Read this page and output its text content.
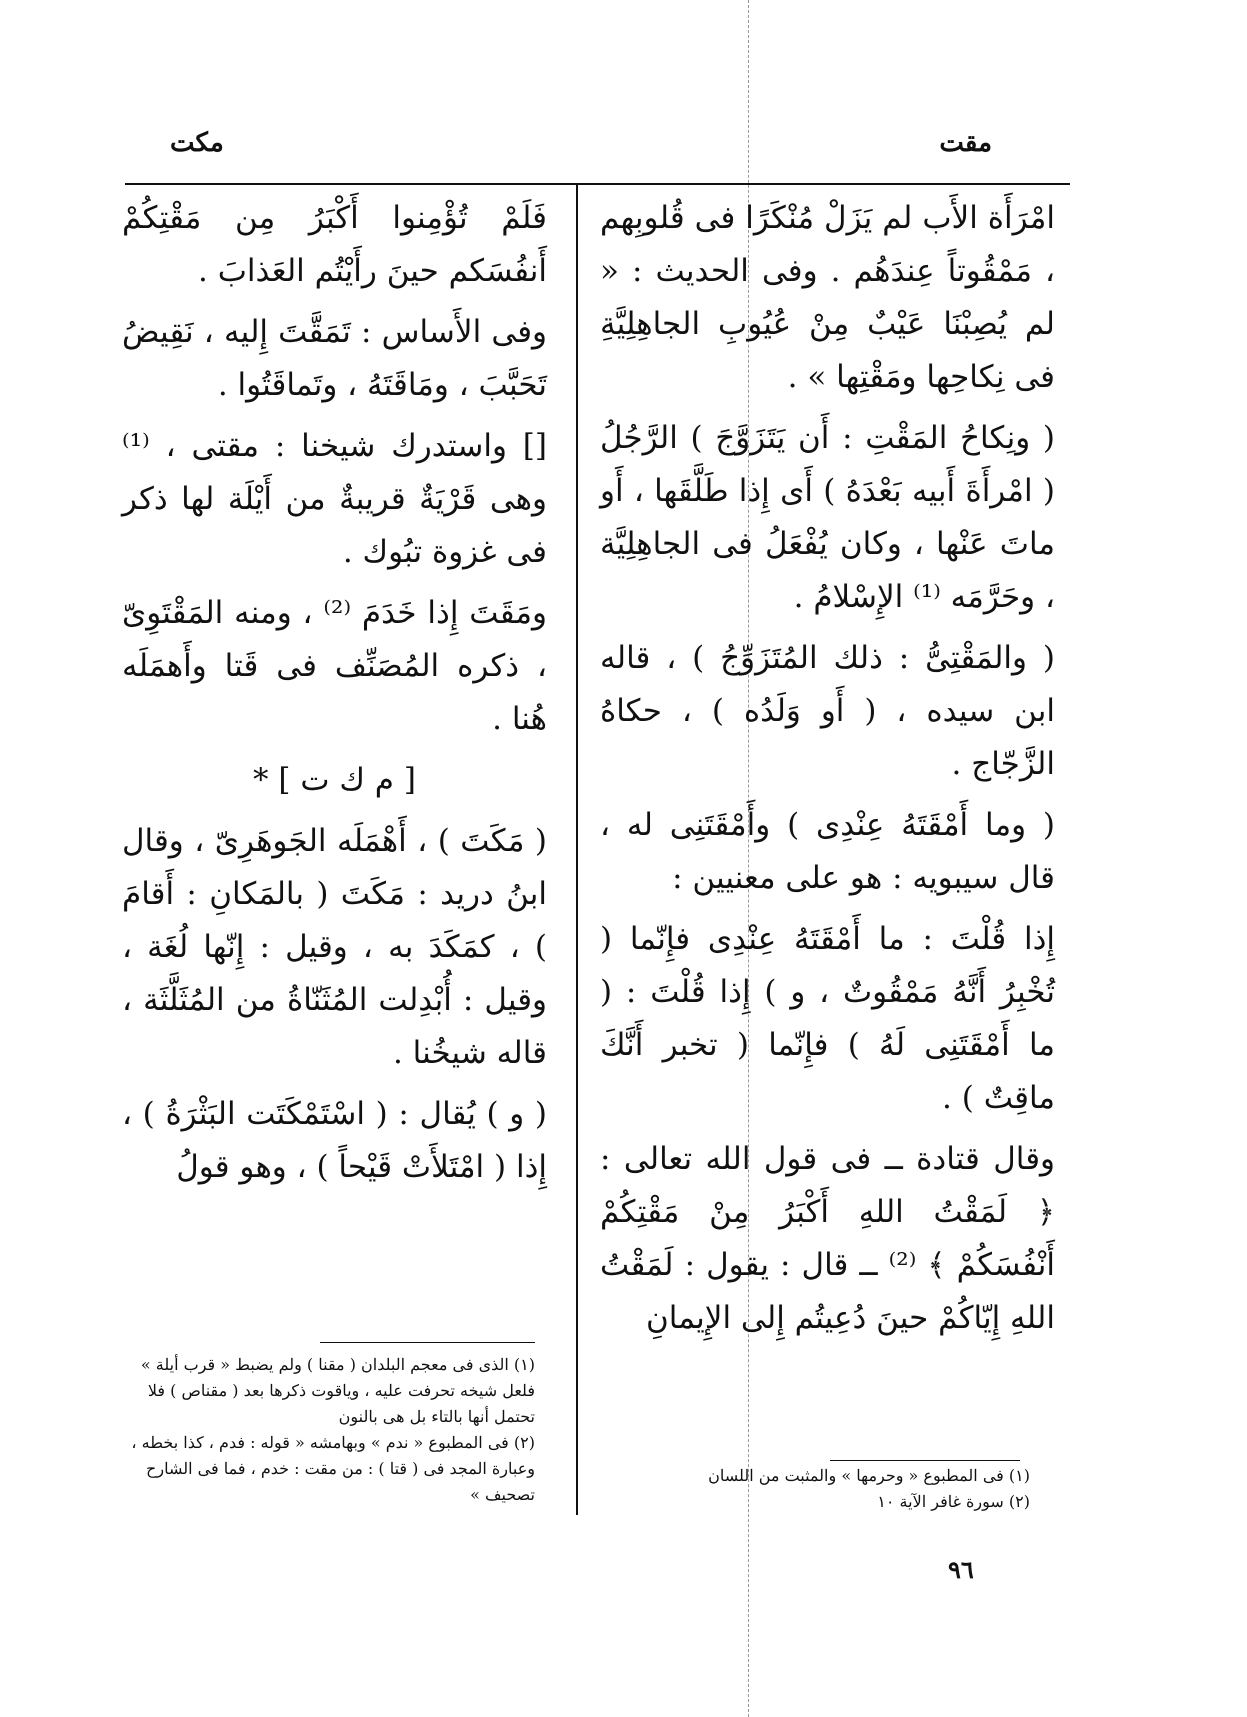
مقت
مكت

امْرَأَة الأَب لم يَزَلْ مُنْكَرًا فى قُلوبِهم ، مَمْقُوتاً عِندَهُم . وفى الحديث : « لم يُصِبْنَا عَيْبٌ مِنْ عُيُوبِ الجاهِلِيَّةِ فى نِكاحِها ومَقْتِها » .

( ونِكاحُ المَقْتِ : أَن يَتَزَوَّجَ ) الرَّجُلُ ( امْرأَةَ أَبيه بَعْدَهُ ) أَى إِذا طَلَّقَها ، أَو ماتَ عَنْها ، وكان يُفْعَلُ فى الجاهِلِيَّة ، وحَرَّمَه ⁽¹⁾ الإِسْلامُ .

( والمَقْتِىُّ : ذلك المُتَزَوِّجُ ) ، قاله ابن سيده ، ( أَو وَلَدُه ) ، حكاهُ الزَّجّاج .

( وما أَمْقَتَهُ عِنْدِى ) وأَمْقَتَنِى له ، قال سيبويه : هو على معنيين :

إِذا قُلْتَ : ما أَمْقَتَهُ عِنْدِى فإِنّما ( تُخْبِرُ أَنَّهُ مَمْقُوتٌ ، و ) إِذا قُلْتَ : ( ما أَمْقَتَنِى لَهُ ) فإِنّما ( تخبر أَنَّكَ ماقِتٌ ) .

وقال قتادة ــ فى قول الله تعالى : ﴿ لَمَقْتُ اللهِ أَكْبَرُ مِنْ مَقْتِكُمْ أَنْفُسَكُمْ ﴾ ⁽²⁾ ــ قال : يقول : لَمَقْتُ اللهِ إِيّاكُمْ حينَ دُعِيتُم إِلى الإِيمانِ

فَلَمْ تُؤْمِنوا أَكْبَرُ مِن مَقْتِكُمْ أَنفُسَكم حينَ رأَيْتُم العَذابَ .

وفى الأَساس : تَمَقَّتَ إِليه ، نَقِيضُ تَحَبَّبَ ، ومَاقَتَهُ ، وتَماقَتُوا .

[] واستدرك شيخنا : مقتى ، ⁽¹⁾ وهى قَرْيَةٌ قريبةٌ من أَيْلَة لها ذكر فى غزوة تبُوك .

ومَقَتَ إِذا خَدَمَ ⁽²⁾ ، ومنه المَقْتَوِىّ ، ذكره المُصَنِّف فى قَتا وأَهمَلَه هُنا .

[ م ك ت ] *

( مَكَتَ ) ، أَهْمَلَه الجَوهَرِىّ ، وقال ابنُ دريد : مَكَتَ ( بالمَكانِ : أَقامَ ) ، كمَكَدَ به ، وقيل : إِنّها لُغَة ، وقيل : أُبْدِلت المُثَنّاةُ من المُثَلَّثَة ، قاله شيخُنا .

( و ) يُقال : ( اسْتَمْكَتَت البَثْرَةُ ) ، إِذا ( امْتَلأَتْ قَيْحاً ) ، وهو قولُ

(١) فى المطبوع « وحرمها » والمثبت من اللسان

(٢) سورة غافر الآية ١٠

(١) الذى فى معجم البلدان ( مقنا ) ولم يضبط « قرب أيلة » فلعل شيخه تحرفت عليه ، وياقوت ذكرها بعد ( مقناص ) فلا تحتمل أنها بالتاء بل هى بالنون

(٢) فى المطبوع « ندم » وبهامشه « قوله : فدم ، كذا بخطه ، وعبارة المجد فى ( قتا ) : من مقت : خدم ، فما فى الشارح تصحيف »

٩٦
